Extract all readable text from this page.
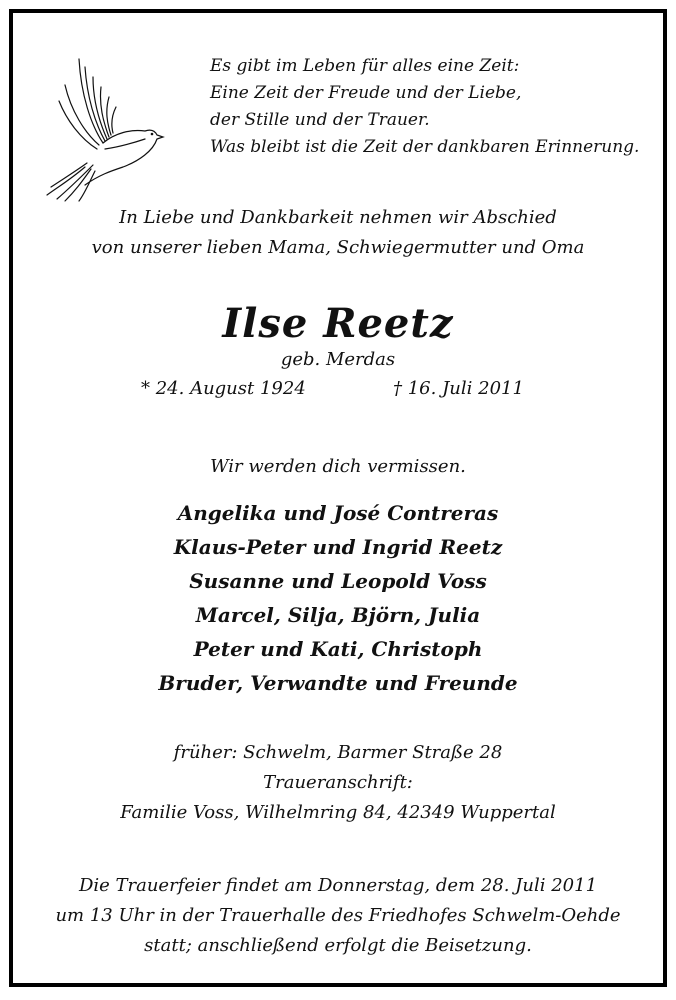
Es gibt im Leben für alles eine Zeit:
Eine Zeit der Freude und der Liebe,
der Stille und der Trauer.
Was bleibt ist die Zeit der dankbaren Erinnerung.
In Liebe und Dankbarkeit nehmen wir Abschied
von unserer lieben Mama, Schwiegermutter und Oma
Ilse Reetz
geb. Merdas
* 24. August 1924	† 16. Juli 2011
Wir werden dich vermissen.
Angelika und José Contreras
Klaus-Peter und Ingrid Reetz
Susanne und Leopold Voss
Marcel, Silja, Björn, Julia
Peter und Kati, Christoph
Bruder, Verwandte und Freunde
früher: Schwelm, Barmer Straße 28
Traueranschrift:
Familie Voss, Wilhelmring 84, 42349 Wuppertal
Die Trauerfeier findet am Donnerstag, dem 28. Juli 2011
um 13 Uhr in der Trauerhalle des Friedhofes Schwelm-Oehde
statt; anschließend erfolgt die Beisetzung.
